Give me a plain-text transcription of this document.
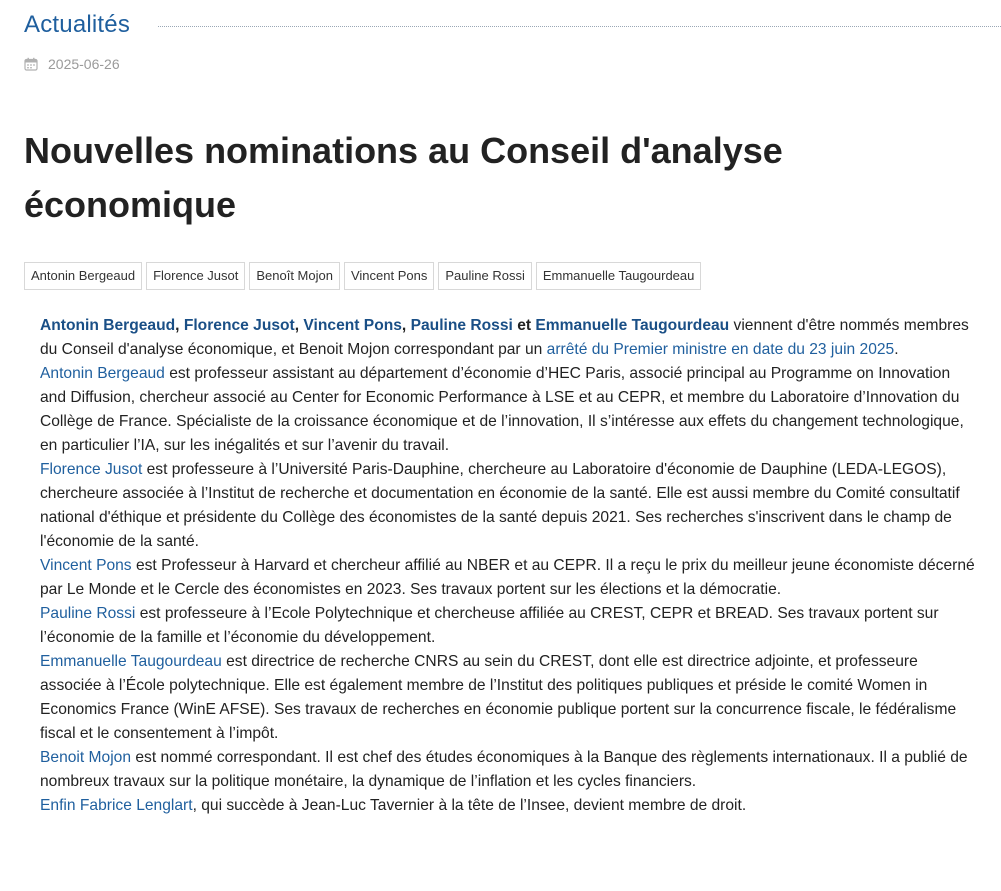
Actualités
2025-06-26
Nouvelles nominations au Conseil d'analyse économique
Antonin Bergeaud	Florence Jusot	Benoît Mojon	Vincent Pons	Pauline Rossi	Emmanuelle Taugourdeau

Antonin Bergeaud, Florence Jusot, Vincent Pons, Pauline Rossi et Emmanuelle Taugourdeau viennent d'être nommés membres du Conseil d'analyse économique, et Benoit Mojon correspondant par un arrêté du Premier ministre en date du 23 juin 2025.

Antonin Bergeaud est professeur assistant au département d’économie d’HEC Paris, associé principal au Programme on Innovation and Diffusion, chercheur associé au Center for Economic Performance à LSE et au CEPR, et membre du Laboratoire d’Innovation du Collège de France. Spécialiste de la croissance économique et de l’innovation, Il s’intéresse aux effets du changement technologique, en particulier l’IA, sur les inégalités et sur l’avenir du travail.

Florence Jusot est professeure à l’Université Paris-Dauphine, chercheure au Laboratoire d'économie de Dauphine (LEDA-LEGOS), chercheure associée à l’Institut de recherche et documentation en économie de la santé. Elle est aussi membre du Comité consultatif national d'éthique et présidente du Collège des économistes de la santé depuis 2021. Ses recherches s'inscrivent dans le champ de l'économie de la santé.

Vincent Pons est Professeur à Harvard et chercheur affilié au NBER et au CEPR. Il a reçu le prix du meilleur jeune économiste décerné par Le Monde et le Cercle des économistes en 2023. Ses travaux portent sur les élections et la démocratie.

Pauline Rossi est professeure à l’Ecole Polytechnique et chercheuse affiliée au CREST, CEPR et BREAD. Ses travaux portent sur l’économie de la famille et l’économie du développement.

Emmanuelle Taugourdeau est directrice de recherche CNRS au sein du CREST, dont elle est directrice adjointe, et professeure associée à l’École polytechnique. Elle est également membre de l’Institut des politiques publiques et préside le comité Women in Economics France (WinE AFSE). Ses travaux de recherches en économie publique portent sur la concurrence fiscale, le fédéralisme fiscal et le consentement à l’impôt.

Benoit Mojon est nommé correspondant. Il est chef des études économiques à la Banque des règlements internationaux. Il a publié de nombreux travaux sur la politique monétaire, la dynamique de l’inflation et les cycles financiers.

Enfin Fabrice Lenglart, qui succède à Jean-Luc Tavernier à la tête de l’Insee, devient membre de droit.
